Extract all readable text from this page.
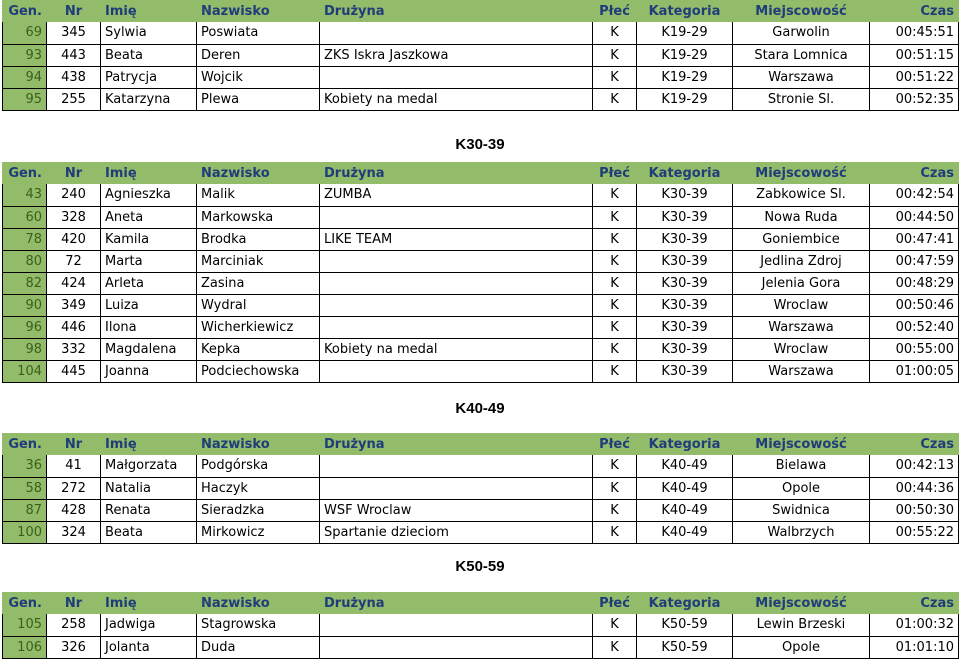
Gen.	Nr	Imię	Nazwisko	Drużyna	Płeć	Kategoria	Miejscowość	Czas
69	345	Sylwia	Poswiata		K	K19-29	Garwolin	00:45:51
93	443	Beata	Deren	ZKS Iskra Jaszkowa	K	K19-29	Stara Lomnica	00:51:15
94	438	Patrycja	Wojcik		K	K19-29	Warszawa	00:51:22
95	255	Katarzyna	Plewa	Kobiety na medal	K	K19-29	Stronie Sl.	00:52:35
K30-39
Gen.	Nr	Imię	Nazwisko	Drużyna	Płeć	Kategoria	Miejscowość	Czas
43	240	Agnieszka	Malik	ZUMBA	K	K30-39	Zabkowice Sl.	00:42:54
60	328	Aneta	Markowska		K	K30-39	Nowa Ruda	00:44:50
78	420	Kamila	Brodka	LIKE TEAM	K	K30-39	Goniembice	00:47:41
80	72	Marta	Marciniak		K	K30-39	Jedlina Zdroj	00:47:59
82	424	Arleta	Zasina		K	K30-39	Jelenia Gora	00:48:29
90	349	Luiza	Wydral		K	K30-39	Wroclaw	00:50:46
96	446	Ilona	Wicherkiewicz		K	K30-39	Warszawa	00:52:40
98	332	Magdalena	Kepka	Kobiety na medal	K	K30-39	Wroclaw	00:55:00
104	445	Joanna	Podciechowska		K	K30-39	Warszawa	01:00:05
K40-49
Gen.	Nr	Imię	Nazwisko	Drużyna	Płeć	Kategoria	Miejscowość	Czas
36	41	Małgorzata	Podgórska		K	K40-49	Bielawa	00:42:13
58	272	Natalia	Haczyk		K	K40-49	Opole	00:44:36
87	428	Renata	Sieradzka	WSF Wroclaw	K	K40-49	Swidnica	00:50:30
100	324	Beata	Mirkowicz	Spartanie dzieciom	K	K40-49	Walbrzych	00:55:22
K50-59
Gen.	Nr	Imię	Nazwisko	Drużyna	Płeć	Kategoria	Miejscowość	Czas
105	258	Jadwiga	Stagrowska		K	K50-59	Lewin Brzeski	01:00:32
106	326	Jolanta	Duda		K	K50-59	Opole	01:01:10
